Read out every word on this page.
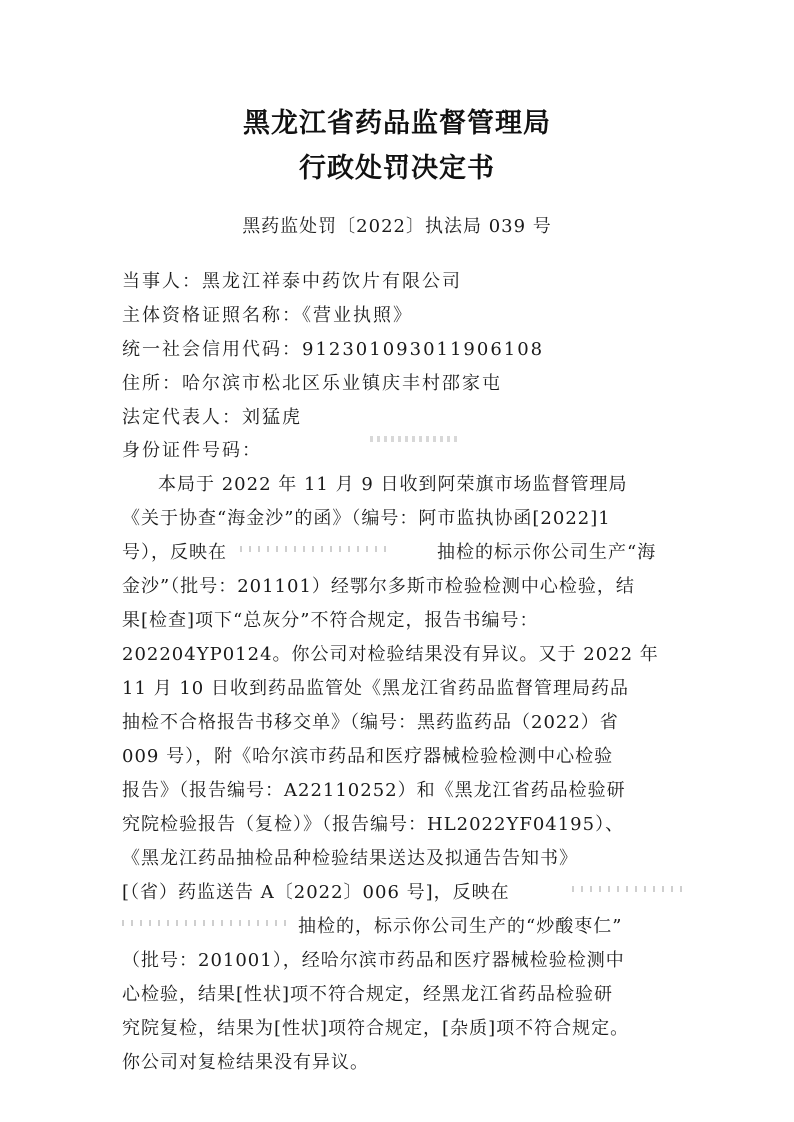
黑龙江省药品监督管理局
行政处罚决定书
黑药监处罚〔2022〕执法局 039 号
当事人：黑龙江祥泰中药饮片有限公司
主体资格证照名称：《营业执照》
统一社会信用代码：912301093011906108
住所：哈尔滨市松北区乐业镇庆丰村邵家屯
法定代表人：刘猛虎
身份证件号码：
本局于 2022 年 11 月 9 日收到阿荣旗市场监督管理局
《关于协查“海金沙”的函》（编号：阿市监执协函[2022]1
号），反映在	抽检的标示你公司生产“海
金沙”（批号：201101）经鄂尔多斯市检验检测中心检验，结
果[检查]项下“总灰分”不符合规定，报告书编号：
202204YP0124。你公司对检验结果没有异议。又于 2022 年
11 月 10 日收到药品监管处《黑龙江省药品监督管理局药品
抽检不合格报告书移交单》（编号：黑药监药品（2022）省
009 号），附《哈尔滨市药品和医疗器械检验检测中心检验
报告》（报告编号：A22110252）和《黑龙江省药品检验研
究院检验报告（复检）》（报告编号：HL2022YF04195）、
《黑龙江药品抽检品种检验结果送达及拟通告告知书》
[（省）药监送告 A〔2022〕006 号]，反映在
抽检的，标示你公司生产的“炒酸枣仁”
（批号：201001），经哈尔滨市药品和医疗器械检验检测中
心检验，结果[性状]项不符合规定，经黑龙江省药品检验研
究院复检，结果为[性状]项符合规定，[杂质]项不符合规定。
你公司对复检结果没有异议。
